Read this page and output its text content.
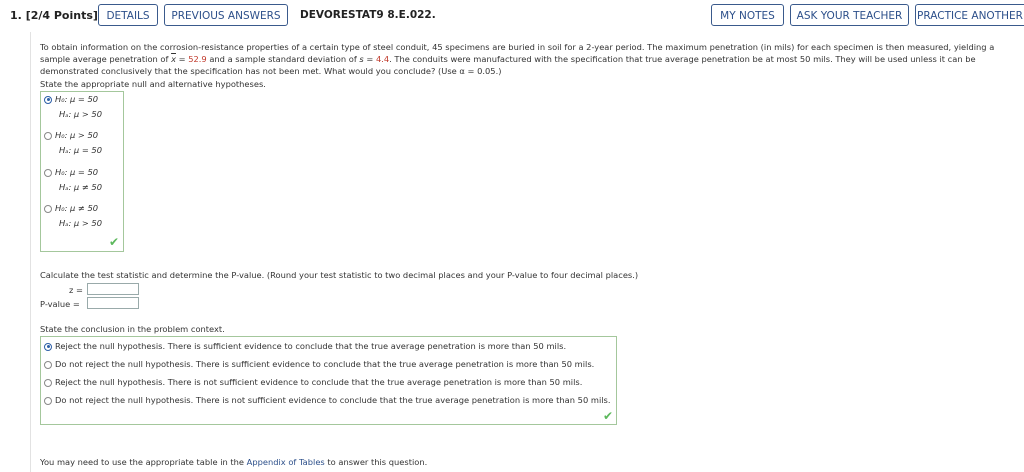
1. [2/4 Points] DETAILS	PREVIOUS ANSWERS	DEVORESTAT9 8.E.022.	MY NOTES	ASK YOUR TEACHER	PRACTICE ANOTHER
To obtain information on the corrosion-resistance properties of a certain type of steel conduit, 45 specimens are buried in soil for a 2-year period. The maximum penetration (in mils) for each specimen is then measured, yielding a sample average penetration of $\overline{x} = 52.9$ and a sample standard deviation of s = 4.4. The conduits were manufactured with the specification that true average penetration be at most 50 mils. They will be used unless it can be demonstrated conclusively that the specification has not been met. What would you conclude? (Use α = 0.05.)
State the appropriate null and alternative hypotheses.
H₀: μ = 50
Hₐ: μ > 50
H₀: μ > 50
Hₐ: μ = 50
H₀: μ = 50
Hₐ: μ ≠ 50
H₀: μ ≠ 50
Hₐ: μ > 50
✔
Calculate the test statistic and determine the P-value. (Round your test statistic to two decimal places and your P-value to four decimal places.)
z =
P-value =
State the conclusion in the problem context.
Reject the null hypothesis. There is sufficient evidence to conclude that the true average penetration is more than 50 mils.
Do not reject the null hypothesis. There is sufficient evidence to conclude that the true average penetration is more than 50 mils.
Reject the null hypothesis. There is not sufficient evidence to conclude that the true average penetration is more than 50 mils.
Do not reject the null hypothesis. There is not sufficient evidence to conclude that the true average penetration is more than 50 mils.
✔
You may need to use the appropriate table in the Appendix of Tables to answer this question.
